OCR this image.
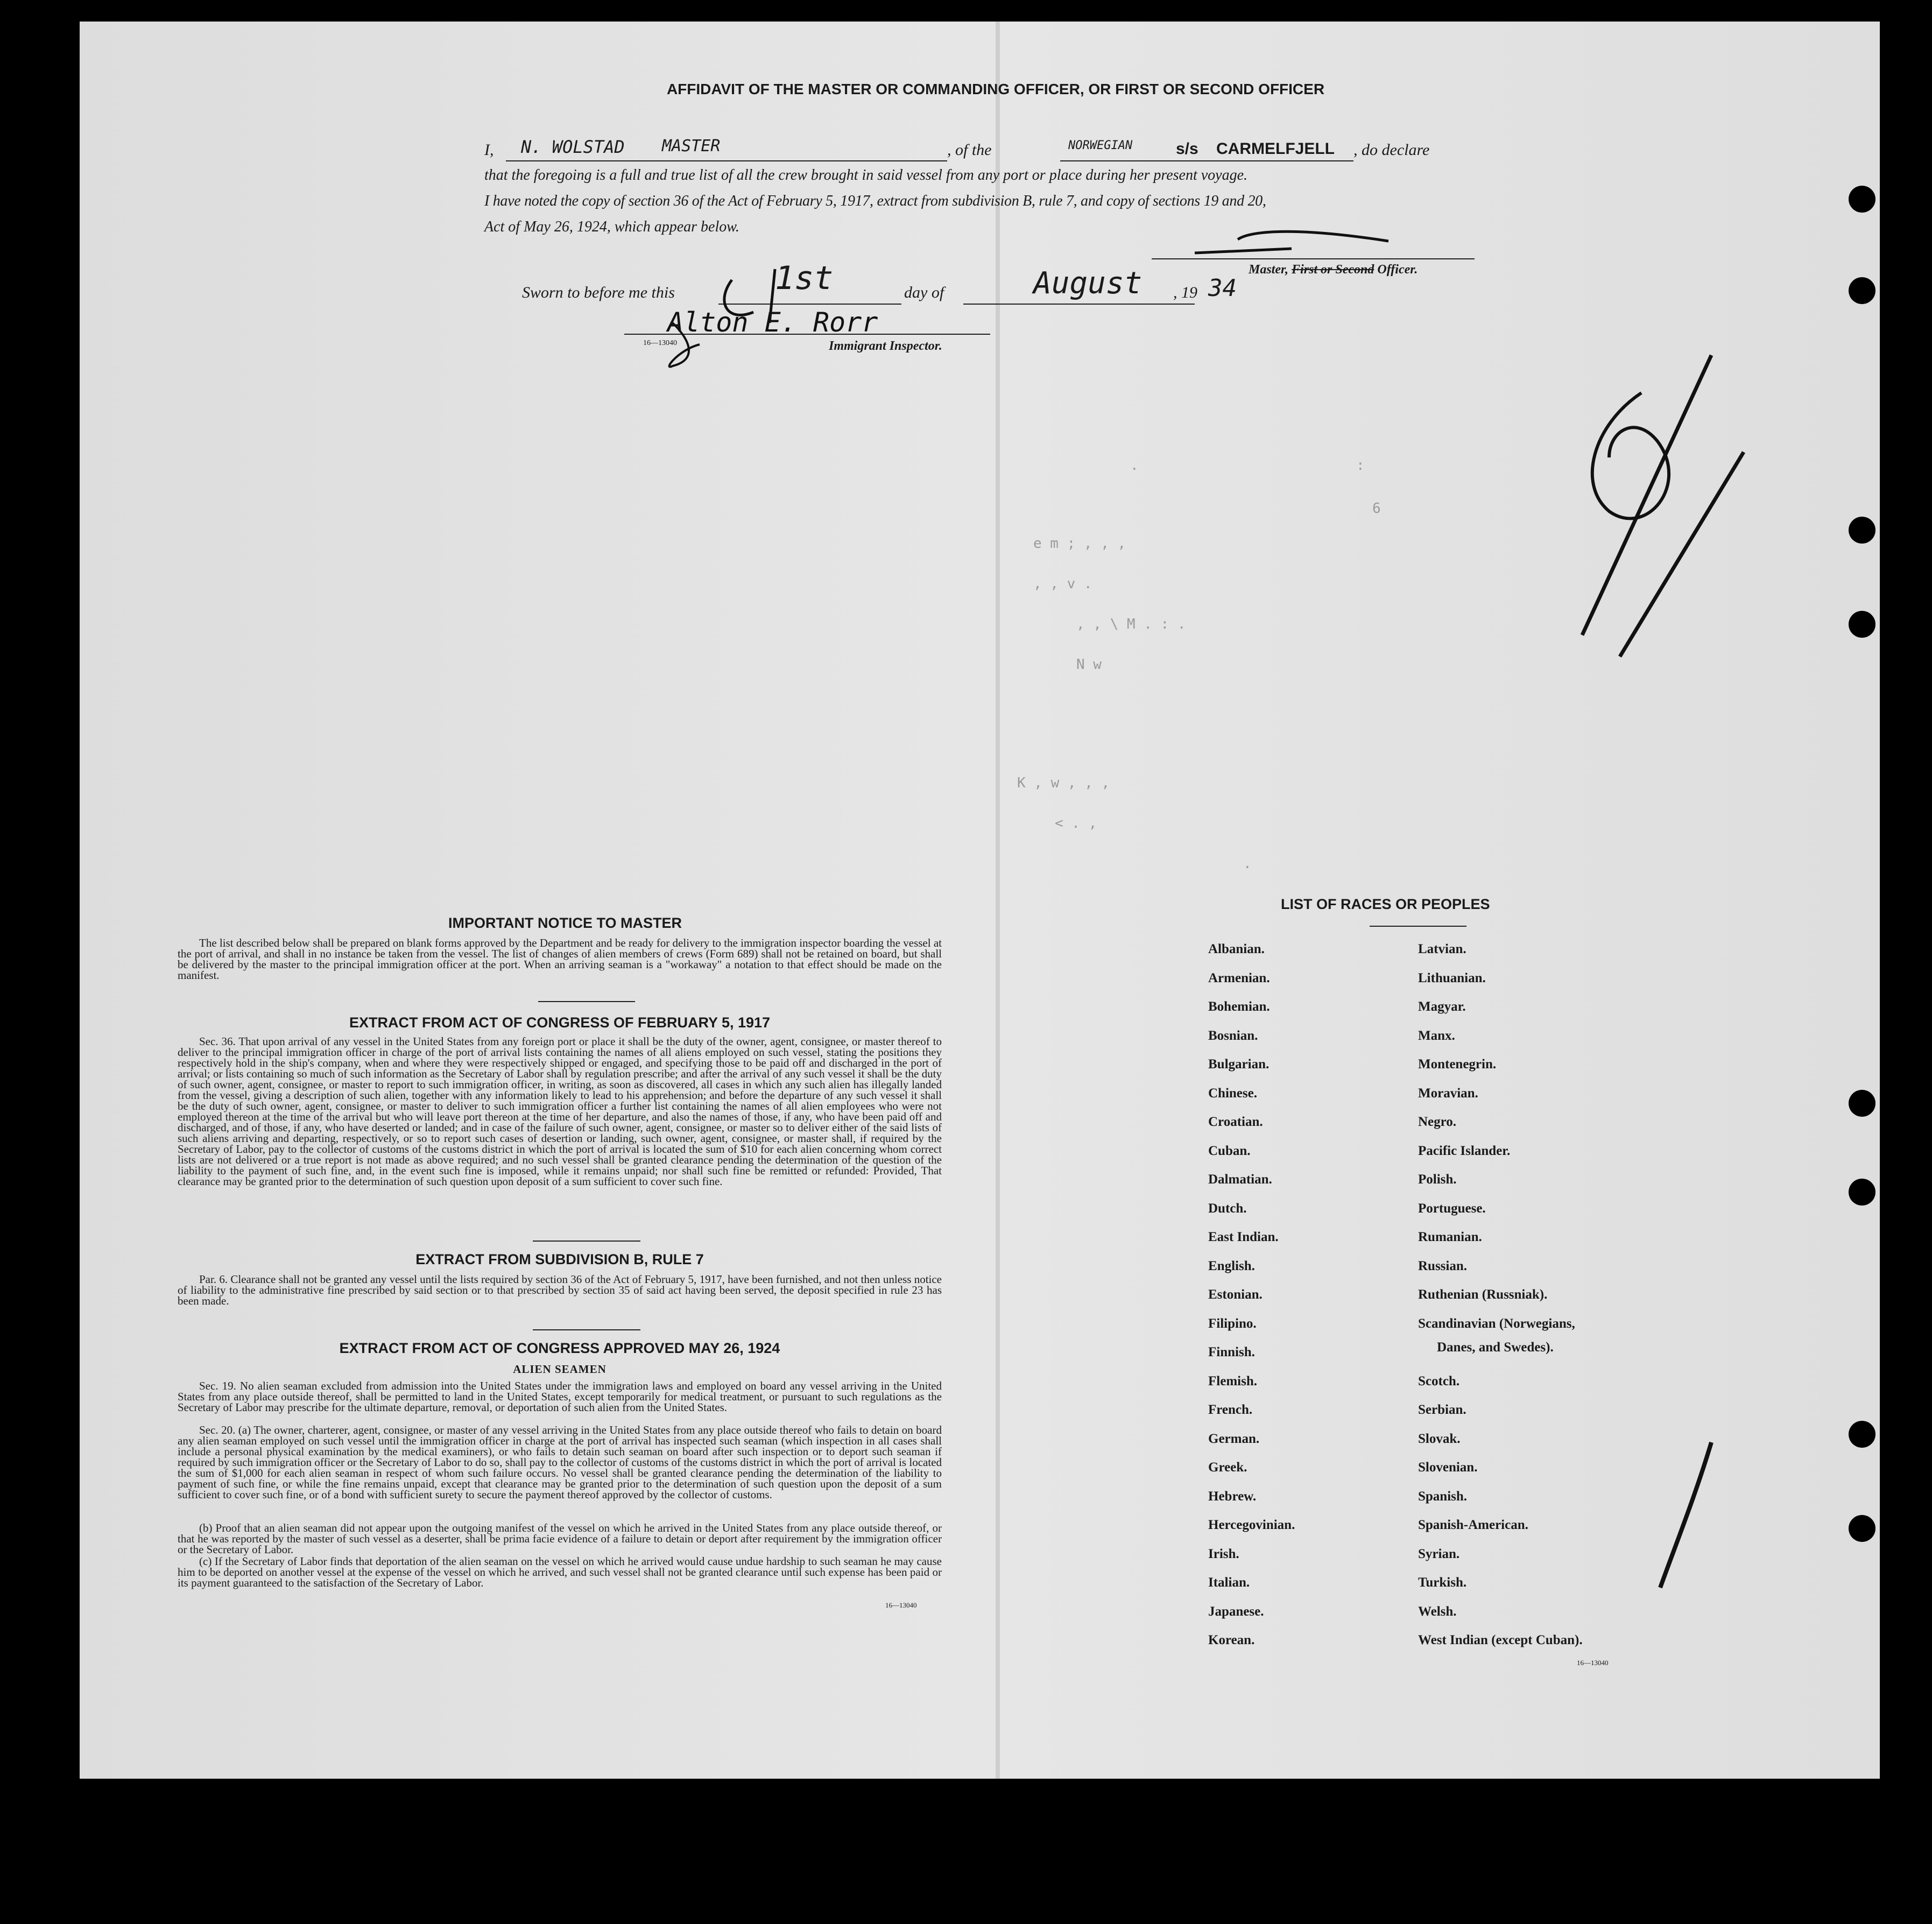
AFFIDAVIT OF THE MASTER OR COMMANDING OFFICER, OR FIRST OR SECOND OFFICER
I, N. WOLSTAD MASTER	, of the	NORWEGIAN	s/s CARMELFJELL , do declare
that the foregoing is a full and true list of all the crew brought in said vessel from any port or place during her present voyage.
I have noted the copy of section 36 of the Act of February 5, 1917, extract from subdivision B, rule 7, and copy of sections 19 and 20,
Act of May 26, 1924, which appear below.
Master, First or Second Officer.
Sworn to before me this	1st	day of	August , 19 34
Alton E. Rorr
16—13040	Immigrant Inspector.
.	:
6
e m ; , , ,
, , v .
, , \ M . : .
N w
K , w , , ,
< . ,
.
IMPORTANT NOTICE TO MASTER
The list described below shall be prepared on blank forms approved by the Department and be ready for delivery to the immigration inspector boarding the vessel at the port of arrival, and shall in no instance be taken from the vessel. The list of changes of alien members of crews (Form 689) shall not be retained on board, but shall be delivered by the master to the principal immigration officer at the port. When an arriving seaman is a "workaway" a notation to that effect should be made on the manifest.
EXTRACT FROM ACT OF CONGRESS OF FEBRUARY 5, 1917
Sec. 36. That upon arrival of any vessel in the United States from any foreign port or place it shall be the duty of the owner, agent, consignee, or master thereof to deliver to the principal immigration officer in charge of the port of arrival lists containing the names of all aliens employed on such vessel, stating the positions they respectively hold in the ship's company, when and where they were respectively shipped or engaged, and specifying those to be paid off and discharged in the port of arrival; or lists containing so much of such information as the Secretary of Labor shall by regulation prescribe; and after the arrival of any such vessel it shall be the duty of such owner, agent, consignee, or master to report to such immigration officer, in writing, as soon as discovered, all cases in which any such alien has illegally landed from the vessel, giving a description of such alien, together with any information likely to lead to his apprehension; and before the departure of any such vessel it shall be the duty of such owner, agent, consignee, or master to deliver to such immigration officer a further list containing the names of all alien employees who were not employed thereon at the time of the arrival but who will leave port thereon at the time of her departure, and also the names of those, if any, who have been paid off and discharged, and of those, if any, who have deserted or landed; and in case of the failure of such owner, agent, consignee, or master so to deliver either of the said lists of such aliens arriving and departing, respectively, or so to report such cases of desertion or landing, such owner, agent, consignee, or master shall, if required by the Secretary of Labor, pay to the collector of customs of the customs district in which the port of arrival is located the sum of $10 for each alien concerning whom correct lists are not delivered or a true report is not made as above required; and no such vessel shall be granted clearance pending the determination of the question of the liability to the payment of such fine, and, in the event such fine is imposed, while it remains unpaid; nor shall such fine be remitted or refunded: Provided, That clearance may be granted prior to the determination of such question upon deposit of a sum sufficient to cover such fine.
EXTRACT FROM SUBDIVISION B, RULE 7
Par. 6. Clearance shall not be granted any vessel until the lists required by section 36 of the Act of February 5, 1917, have been furnished, and not then unless notice of liability to the administrative fine prescribed by said section or to that prescribed by section 35 of said act having been served, the deposit specified in rule 23 has been made.
EXTRACT FROM ACT OF CONGRESS APPROVED MAY 26, 1924
ALIEN SEAMEN
Sec. 19. No alien seaman excluded from admission into the United States under the immigration laws and employed on board any vessel arriving in the United States from any place outside thereof, shall be permitted to land in the United States, except temporarily for medical treatment, or pursuant to such regulations as the Secretary of Labor may prescribe for the ultimate departure, removal, or deportation of such alien from the United States.
Sec. 20. (a) The owner, charterer, agent, consignee, or master of any vessel arriving in the United States from any place outside thereof who fails to detain on board any alien seaman employed on such vessel until the immigration officer in charge at the port of arrival has inspected such seaman (which inspection in all cases shall include a personal physical examination by the medical examiners), or who fails to detain such seaman on board after such inspection or to deport such seaman if required by such immigration officer or the Secretary of Labor to do so, shall pay to the collector of customs of the customs district in which the port of arrival is located the sum of $1,000 for each alien seaman in respect of whom such failure occurs. No vessel shall be granted clearance pending the determination of the liability to payment of such fine, or while the fine remains unpaid, except that clearance may be granted prior to the determination of such question upon the deposit of a sum sufficient to cover such fine, or of a bond with sufficient surety to secure the payment thereof approved by the collector of customs.
(b) Proof that an alien seaman did not appear upon the outgoing manifest of the vessel on which he arrived in the United States from any place outside thereof, or that he was reported by the master of such vessel as a deserter, shall be prima facie evidence of a failure to detain or deport after requirement by the immigration officer or the Secretary of Labor.
(c) If the Secretary of Labor finds that deportation of the alien seaman on the vessel on which he arrived would cause undue hardship to such seaman he may cause him to be deported on another vessel at the expense of the vessel on which he arrived, and such vessel shall not be granted clearance until such expense has been paid or its payment guaranteed to the satisfaction of the Secretary of Labor.
16—13040
LIST OF RACES OR PEOPLES
Albanian.
Armenian.
Bohemian.
Bosnian.
Bulgarian.
Chinese.
Croatian.
Cuban.
Dalmatian.
Dutch.
East Indian.
English.
Estonian.
Filipino.
Finnish.
Flemish.
French.
German.
Greek.
Hebrew.
Hercegovinian.
Irish.
Italian.
Japanese.
Korean.
Latvian.
Lithuanian.
Magyar.
Manx.
Montenegrin.
Moravian.
Negro.
Pacific Islander.
Polish.
Portuguese.
Rumanian.
Russian.
Ruthenian (Russniak).
Scandinavian (Norwegians,
Scotch.
Serbian.
Slovak.
Slovenian.
Spanish.
Spanish-American.
Syrian.
Turkish.
Welsh.
West Indian (except Cuban).
Danes, and Swedes).
16—13040
